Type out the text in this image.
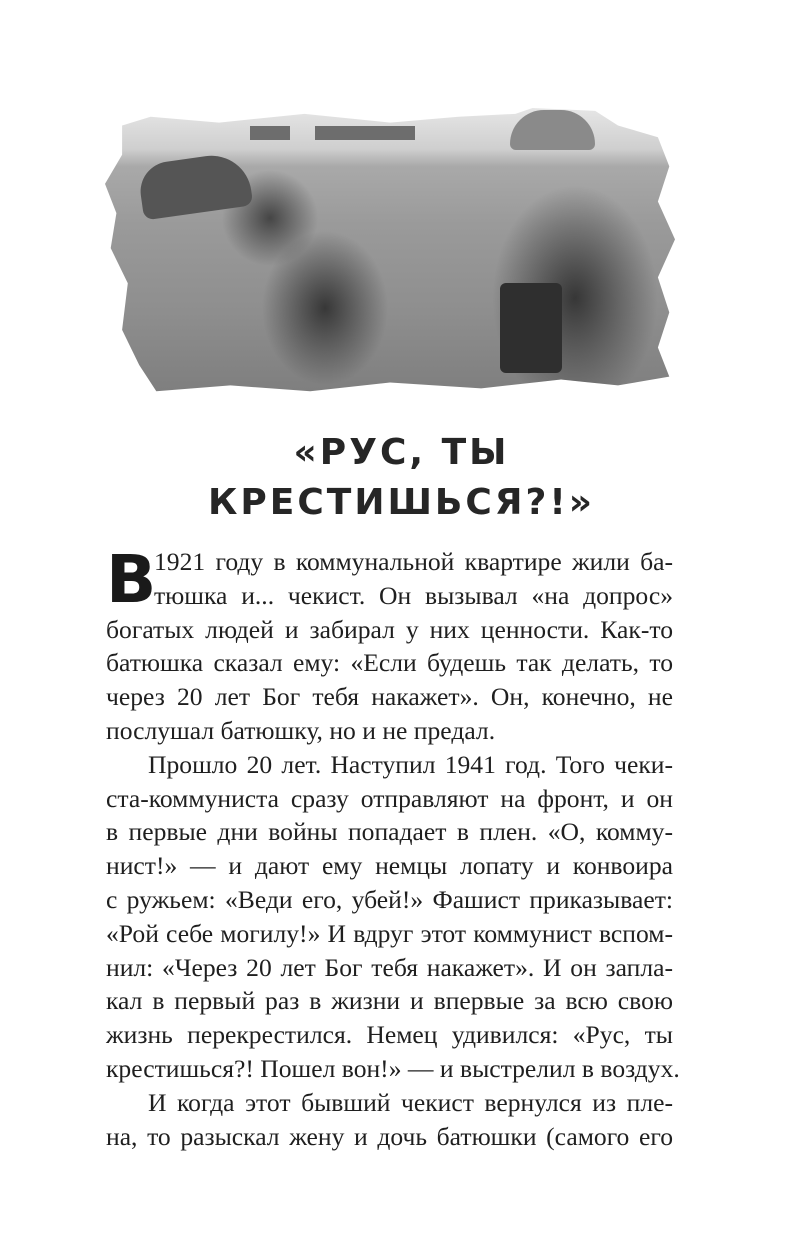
«РУС, ТЫ
КРЕСТИШЬСЯ?!»
В
1921 году в коммунальной квартире жили ба-
тюшка и... чекист. Он вызывал «на допрос»
богатых людей и забирал у них ценности. Как-то
батюшка сказал ему: «Если будешь так делать, то
через 20 лет Бог тебя накажет». Он, конечно, не
послушал батюшку, но и не предал.
Прошло 20 лет. Наступил 1941 год. Того чеки-
ста-коммуниста сразу отправляют на фронт, и он
в первые дни войны попадает в плен. «О, комму-
нист!» — и дают ему немцы лопату и конвоира
с ружьем: «Веди его, убей!» Фашист приказывает:
«Рой себе могилу!» И вдруг этот коммунист вспом-
нил: «Через 20 лет Бог тебя накажет». И он запла-
кал в первый раз в жизни и впервые за всю свою
жизнь перекрестился. Немец удивился: «Рус, ты
крестишься?! Пошел вон!» — и выстрелил в воздух.
И когда этот бывший чекист вернулся из пле-
на, то разыскал жену и дочь батюшки (самого его
